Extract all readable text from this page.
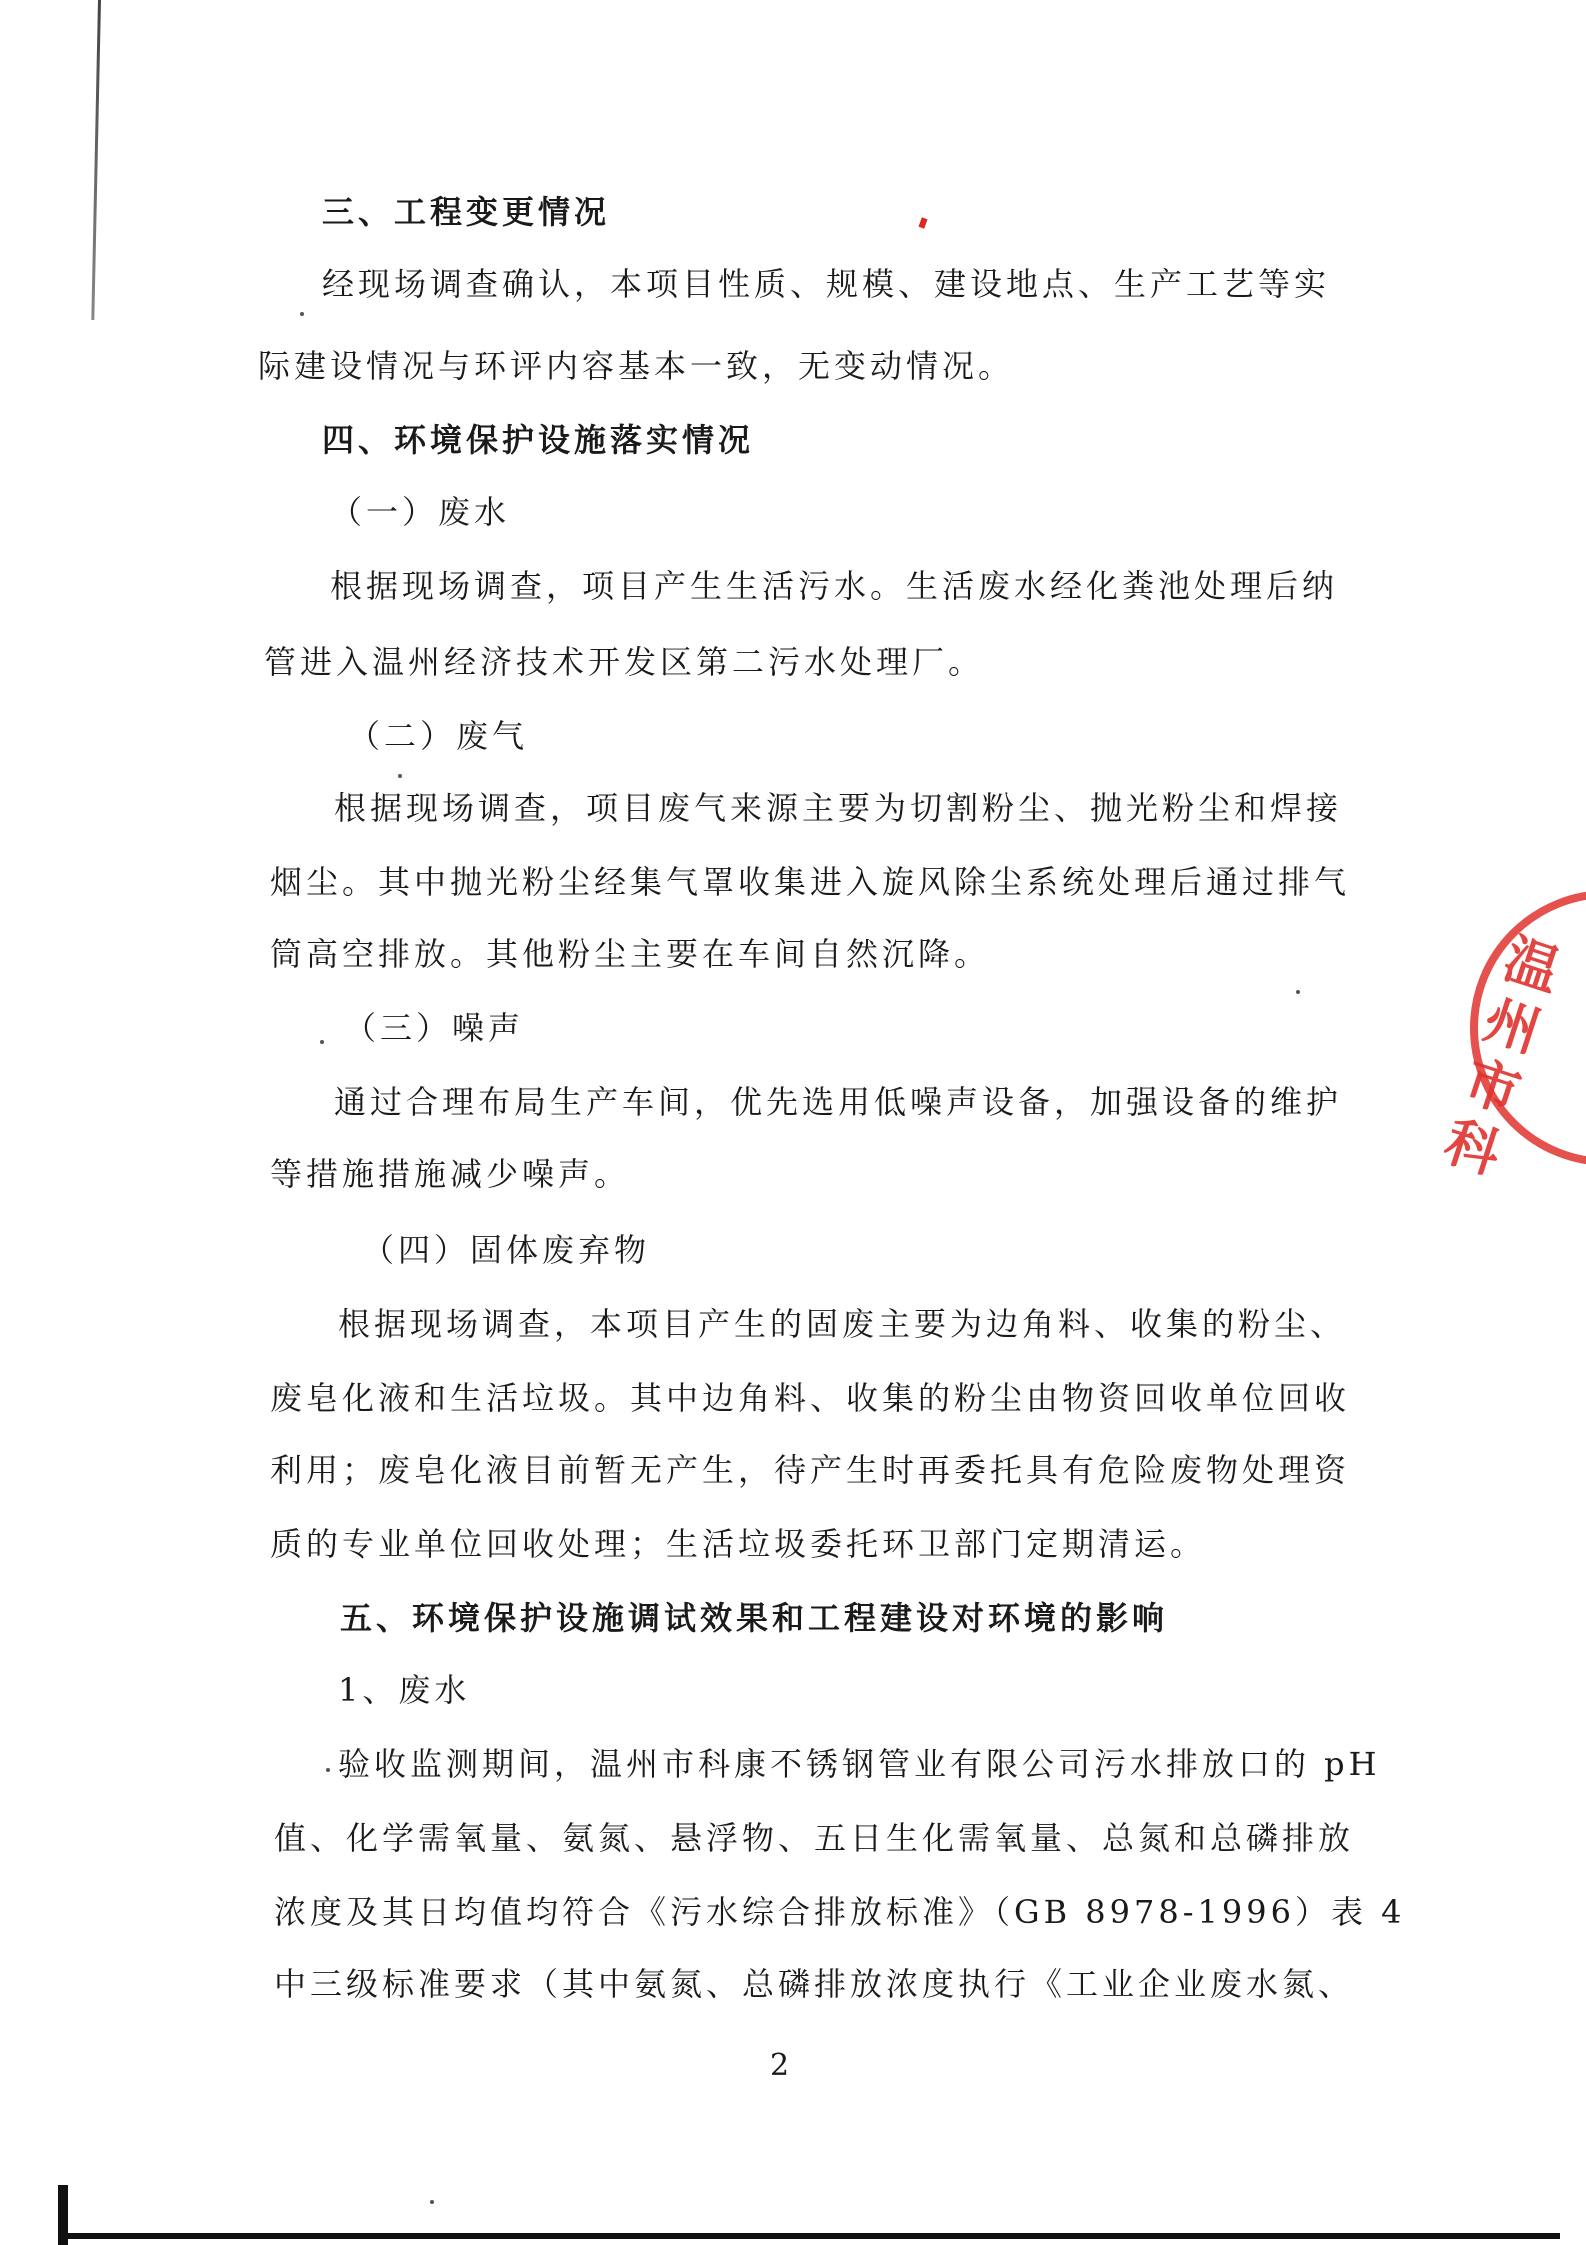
三、工程变更情况
经现场调查确认，本项目性质、规模、建设地点、生产工艺等实
际建设情况与环评内容基本一致，无变动情况。
四、环境保护设施落实情况
（一）废水
根据现场调查，项目产生生活污水。生活废水经化粪池处理后纳
管进入温州经济技术开发区第二污水处理厂。
（二）废气
根据现场调查，项目废气来源主要为切割粉尘、抛光粉尘和焊接
烟尘。其中抛光粉尘经集气罩收集进入旋风除尘系统处理后通过排气
筒高空排放。其他粉尘主要在车间自然沉降。
（三）噪声
通过合理布局生产车间，优先选用低噪声设备，加强设备的维护
等措施措施减少噪声。
（四）固体废弃物
根据现场调查，本项目产生的固废主要为边角料、收集的粉尘、
废皂化液和生活垃圾。其中边角料、收集的粉尘由物资回收单位回收
利用；废皂化液目前暂无产生，待产生时再委托具有危险废物处理资
质的专业单位回收处理；生活垃圾委托环卫部门定期清运。
五、环境保护设施调试效果和工程建设对环境的影响
1、废水
验收监测期间，温州市科康不锈钢管业有限公司污水排放口的 pH
值、化学需氧量、氨氮、悬浮物、五日生化需氧量、总氮和总磷排放
浓度及其日均值均符合《污水综合排放标准》（GB 8978-1996）表 4
中三级标准要求（其中氨氮、总磷排放浓度执行《工业企业废水氮、
2
温州市科
